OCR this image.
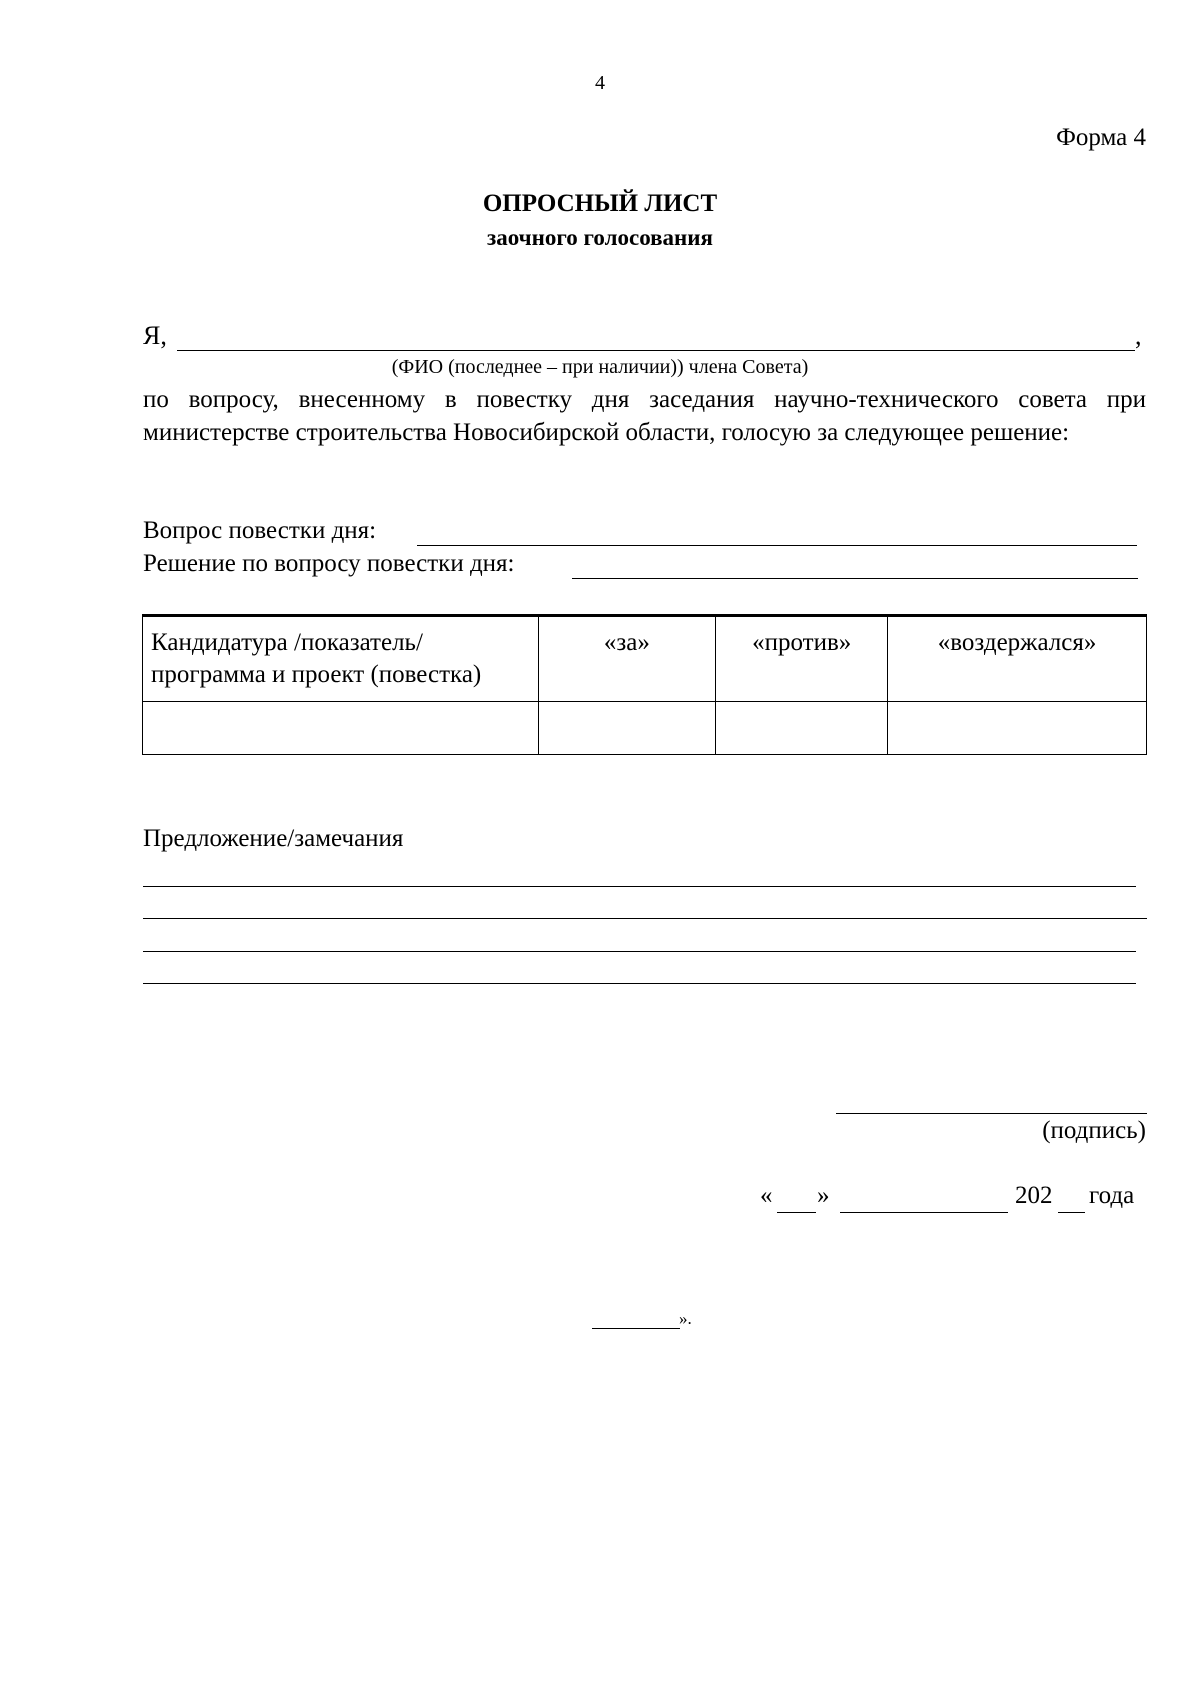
4
Форма 4
ОПРОСНЫЙ ЛИСТ
заочного голосования
Я,	,
(ФИО (последнее – при наличии)) члена Совета)
по вопросу, внесенному в повестку дня заседания научно-технического совета при министерстве строительства Новосибирской области, голосую за следующее решение:
Вопрос повестки дня:
Решение по вопросу повестки дня:
Кандидатура /показатель/программа и проект (повестка)	«за»	«против»	«воздержался»

Предложение/замечания
(подпись)
« »	202 года
».
